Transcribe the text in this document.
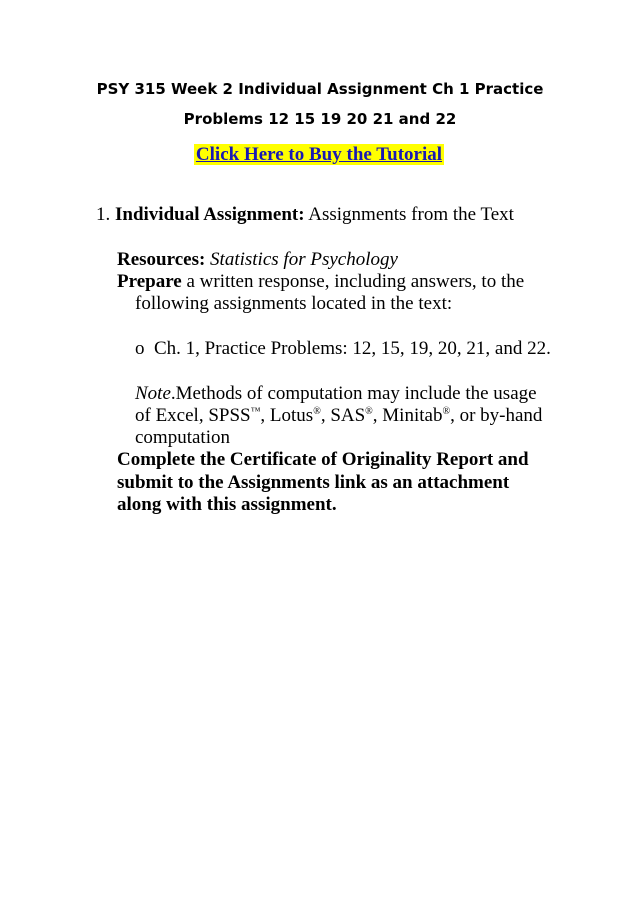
PSY 315 Week 2 Individual Assignment Ch 1 Practice
Problems 12 15 19 20 21 and 22
Click Here to Buy the Tutorial
1. Individual Assignment: Assignments from the Text
Resources: Statistics for Psychology
Prepare a written response, including answers, to the
following assignments located in the text:
o Ch. 1, Practice Problems: 12, 15, 19, 20, 21, and 22.
Note.Methods of computation may include the usage
of Excel, SPSS™, Lotus®, SAS®, Minitab®, or by-hand
computation
Complete the Certificate of Originality Report and
submit to the Assignments link as an attachment
along with this assignment.
